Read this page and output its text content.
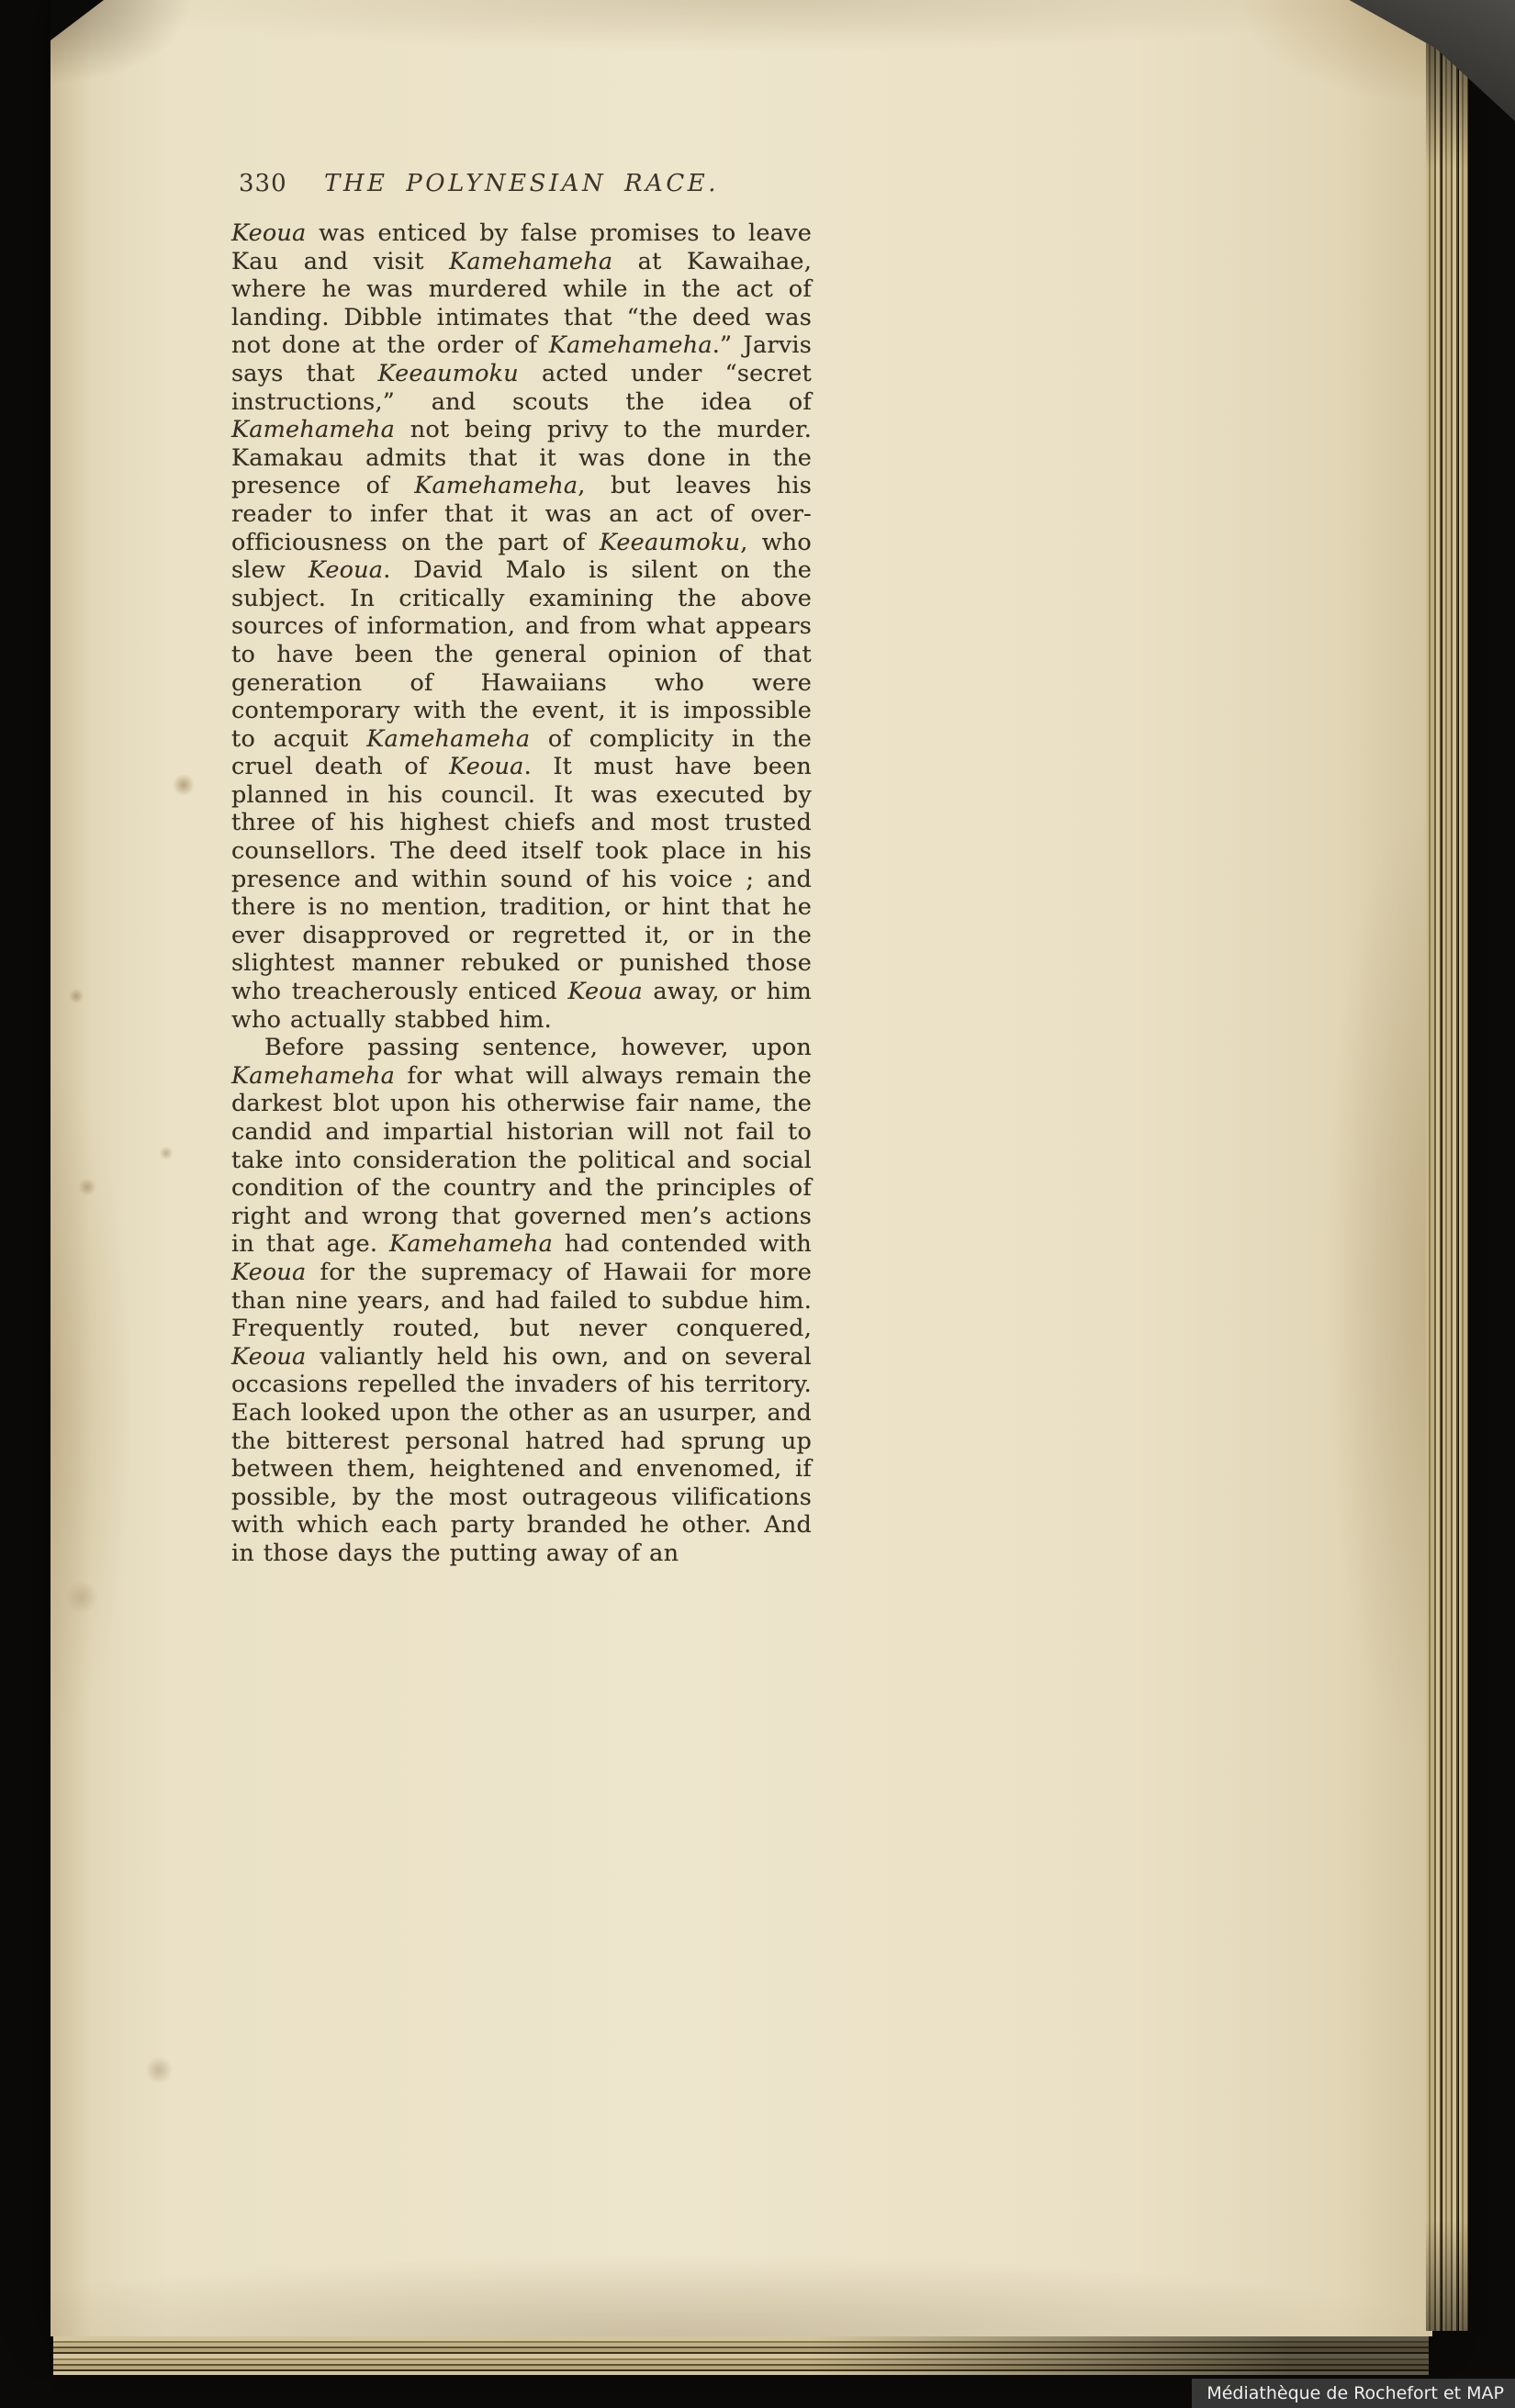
330	THE POLYNESIAN RACE.

Keoua was enticed by false promises to leave Kau and visit Kamehameha at Kawaihae, where he was murdered while in the act of landing. Dibble intimates that “the deed was not done at the order of Kamehameha.” Jarvis says that Keeaumoku acted under “secret instructions,” and scouts the idea of Kamehameha not being privy to the murder. Kamakau admits that it was done in the presence of Kamehameha, but leaves his reader to infer that it was an act of over-officiousness on the part of Keeaumoku, who slew Keoua. David Malo is silent on the subject. In critically examining the above sources of information, and from what appears to have been the general opinion of that generation of Hawaiians who were contemporary with the event, it is impossible to acquit Kamehameha of complicity in the cruel death of Keoua. It must have been planned in his council. It was executed by three of his highest chiefs and most trusted counsellors. The deed itself took place in his presence and within sound of his voice ; and there is no mention, tradition, or hint that he ever disapproved or regretted it, or in the slightest manner rebuked or punished those who treacherously enticed Keoua away, or him who actually stabbed him.

Before passing sentence, however, upon Kamehameha for what will always remain the darkest blot upon his otherwise fair name, the candid and impartial historian will not fail to take into consideration the political and social condition of the country and the principles of right and wrong that governed men’s actions in that age. Kamehameha had contended with Keoua for the supremacy of Hawaii for more than nine years, and had failed to subdue him. Frequently routed, but never conquered, Keoua valiantly held his own, and on several occasions repelled the invaders of his territory. Each looked upon the other as an usurper, and the bitterest personal hatred had sprung up between them, heightened and envenomed, if possible, by the most outrageous vilifications with which each party branded he other. And in those days the putting away of an

Médiathèque de Rochefort et MAP
